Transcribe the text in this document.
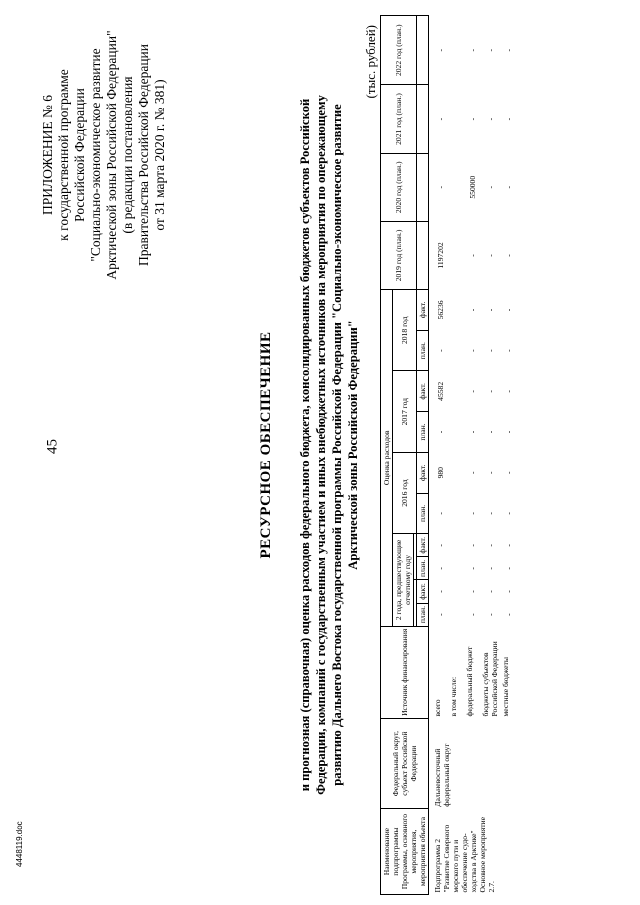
45
4448119.doc
ПРИЛОЖЕНИЕ № 6 к государственной программе Российской Федерации "Социально-экономическое развитие Арктической зоны Российской Федерации" (в редакции постановления Правительства Российской Федерации от 31 марта 2020 г. № 381)
РЕСУРСНОЕ ОБЕСПЕЧЕНИЕ и прогнозная (справочная) оценка расходов федерального бюджета, консолидированных бюджетов субъектов Российской Федерации, компаний с государственным участием и иных внебюджетных источников на мероприятия по опережающему развитию Дальнего Востока государственной программы Российской Федерации "Социально-экономическое развитие Арктической зоны Российской Федерации"
(тыс. рублей)
Наименование подпрограммы Программы, основного мероприятия, мероприятия объекта	Федеральный округ, субъект Российской Федерации	Источник финансирования	Оценка расходов										2019 год (план.)	2020 год (план.)	2021 год (план.)	2022 год (план.)
			2 года, предшествующие отчетному году				2016 год		2017 год		2018 год					

			план.	факт.	план.	факт.	план.	факт.	план.	факт.	план.	факт.				

Подпрограмма 2 "Развитие Северного морского пути и обеспечение судо-ходства в Арктике" Основное мероприятие 2.7.	Дальневосточный федеральный округ	всего	-	-	-	-	-	980	-	45582	-	56236	1197202	-	-	-
		в том числе:														
		федеральный бюджет	-	-	-	-	-	-	-	-	-	-	-	550000	-	-
		бюджеты субъектов Российской Федерации	-	-	-	-	-	-	-	-	-	-	-	-	-	-
		местные бюджеты	-	-	-	-	-	-	-	-	-	-	-	-	-	-
